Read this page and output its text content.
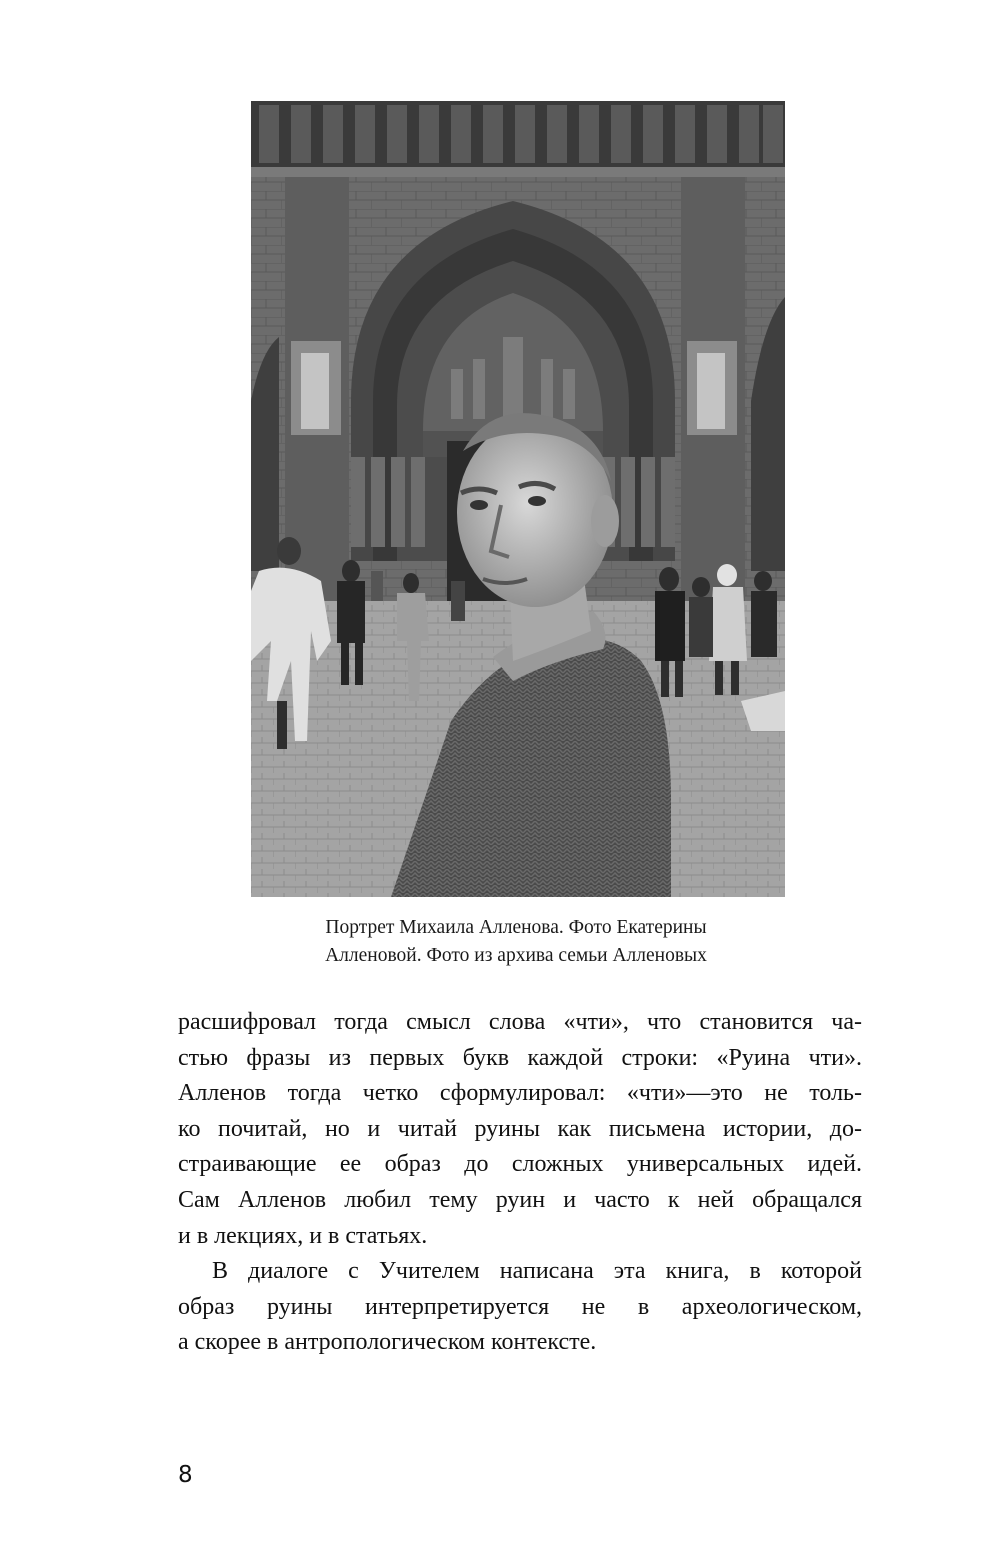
Портрет Михаила Алленова. Фото Екатерины
Алленовой. Фото из архива семьи Алленовых
расшифровал тогда смысл слова «чти», что становится ча-
стью фразы из первых букв каждой строки: «Руина чти».
Алленов тогда четко сформулировал: «чти»—это не толь-
ко почитай, но и читай руины как письмена истории, до-
страивающие ее образ до сложных универсальных идей.
Сам Алленов любил тему руин и часто к ней обращался
и в лекциях, и в статьях.
В диалоге с Учителем написана эта книга, в которой
образ руины интерпретируется не в археологическом,
а скорее в антропологическом контексте.
8
